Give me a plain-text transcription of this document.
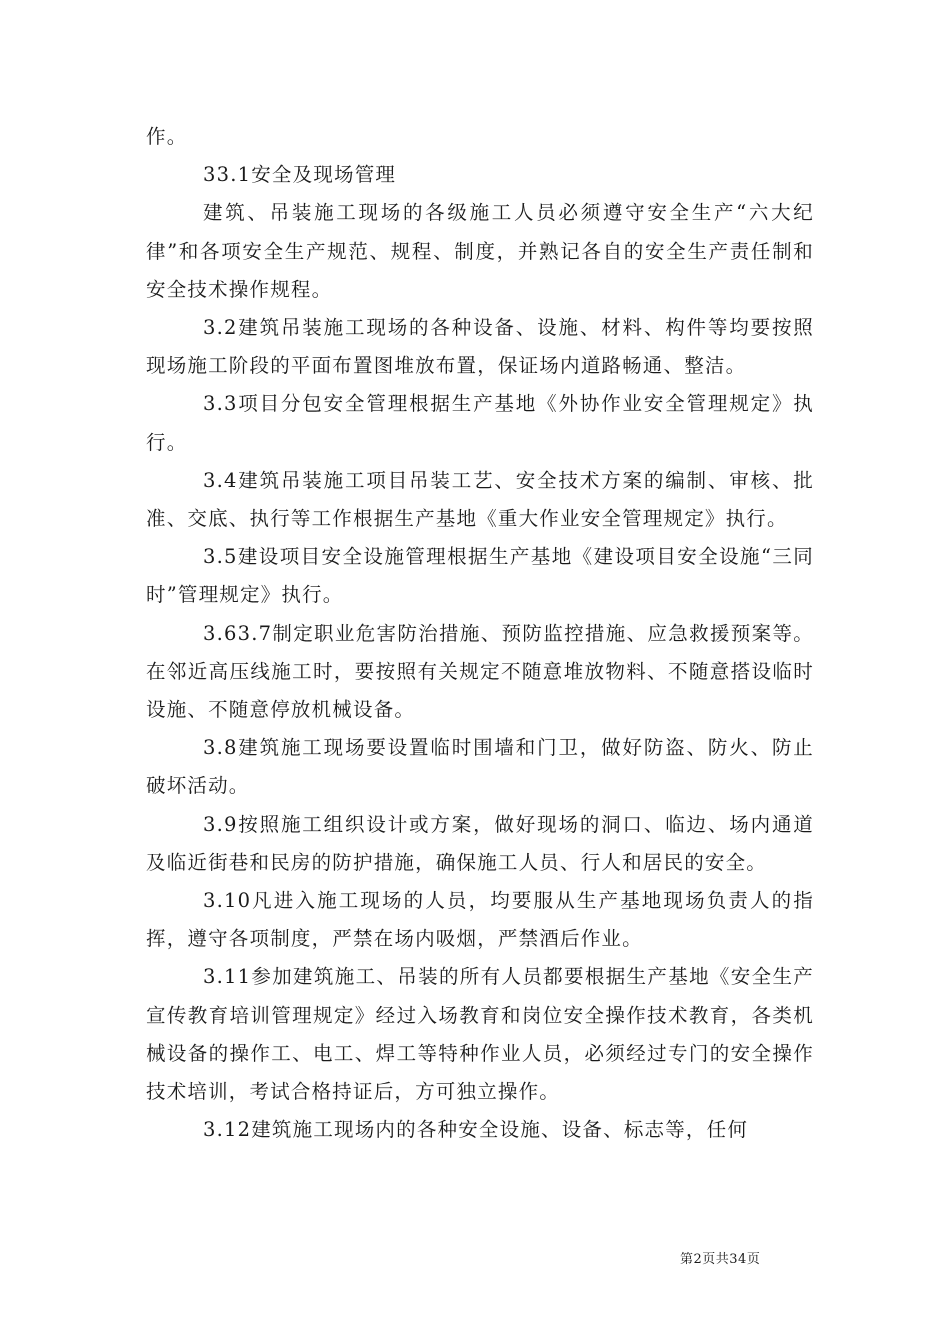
作。

33.1安全及现场管理

建筑、吊装施工现场的各级施工人员必须遵守安全生产“六大纪律”和各项安全生产规范、规程、制度，并熟记各自的安全生产责任制和安全技术操作规程。

3.2建筑吊装施工现场的各种设备、设施、材料、构件等均要按照现场施工阶段的平面布置图堆放布置，保证场内道路畅通、整洁。

3.3项目分包安全管理根据生产基地《外协作业安全管理规定》执行。

3.4建筑吊装施工项目吊装工艺、安全技术方案的编制、审核、批准、交底、执行等工作根据生产基地《重大作业安全管理规定》执行。

3.5建设项目安全设施管理根据生产基地《建设项目安全设施“三同时”管理规定》执行。

3.63.7制定职业危害防治措施、预防监控措施、应急救援预案等。在邻近高压线施工时，要按照有关规定不随意堆放物料、不随意搭设临时设施、不随意停放机械设备。

3.8建筑施工现场要设置临时围墙和门卫，做好防盗、防火、防止破坏活动。

3.9按照施工组织设计或方案，做好现场的洞口、临边、场内通道及临近街巷和民房的防护措施，确保施工人员、行人和居民的安全。

3.10凡进入施工现场的人员，均要服从生产基地现场负责人的指挥，遵守各项制度，严禁在场内吸烟，严禁酒后作业。

3.11参加建筑施工、吊装的所有人员都要根据生产基地《安全生产宣传教育培训管理规定》经过入场教育和岗位安全操作技术教育，各类机械设备的操作工、电工、焊工等特种作业人员，必须经过专门的安全操作技术培训，考试合格持证后，方可独立操作。

3.12建筑施工现场内的各种安全设施、设备、标志等，任何

第2页共34页
